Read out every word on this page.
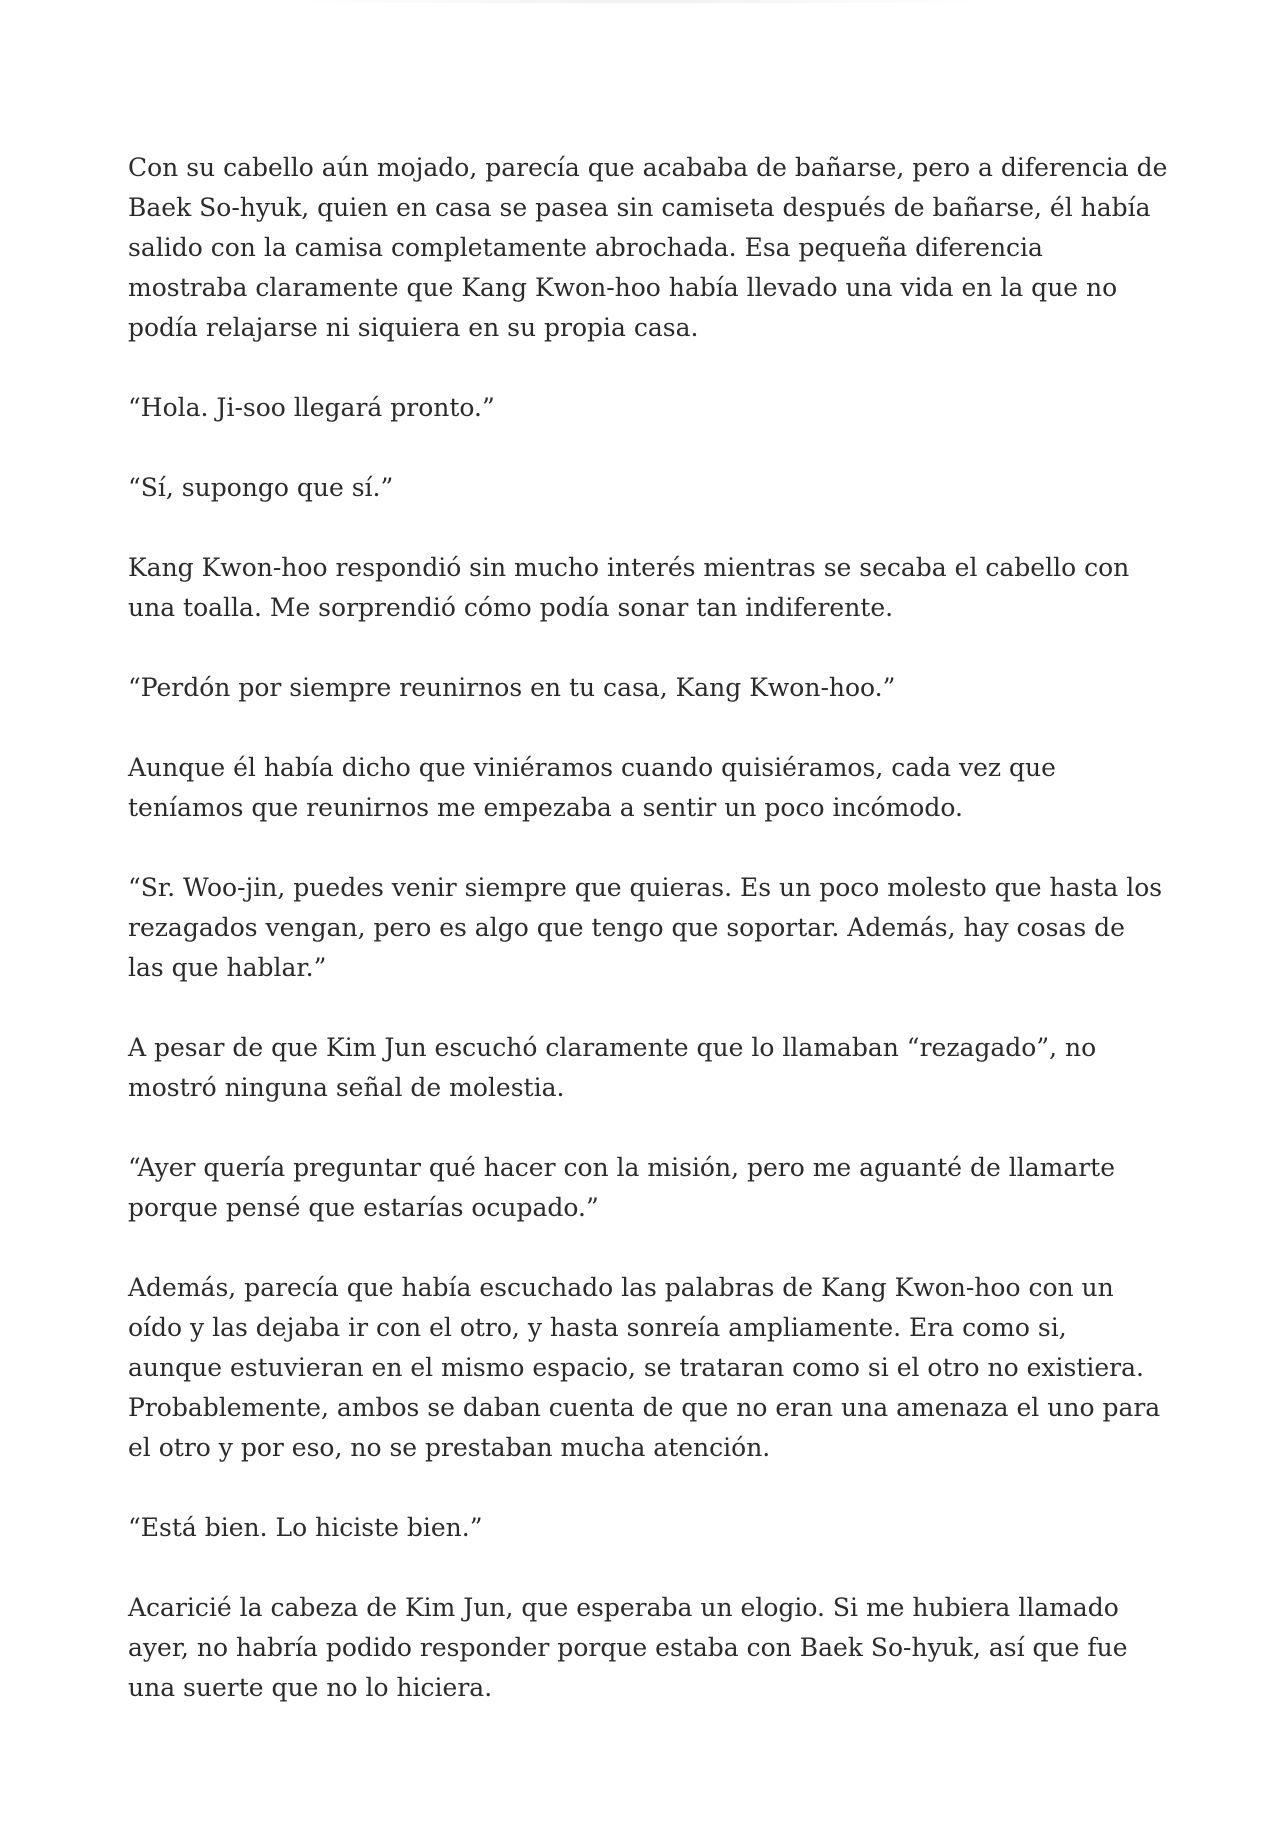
Con su cabello aún mojado, parecía que acababa de bañarse, pero a diferencia de Baek So-hyuk, quien en casa se pasea sin camiseta después de bañarse, él había salido con la camisa completamente abrochada. Esa pequeña diferencia mostraba claramente que Kang Kwon-hoo había llevado una vida en la que no podía relajarse ni siquiera en su propia casa.

“Hola. Ji-soo llegará pronto.”

“Sí, supongo que sí.”

Kang Kwon-hoo respondió sin mucho interés mientras se secaba el cabello con una toalla. Me sorprendió cómo podía sonar tan indiferente.

“Perdón por siempre reunirnos en tu casa, Kang Kwon-hoo.”

Aunque él había dicho que viniéramos cuando quisiéramos, cada vez que teníamos que reunirnos me empezaba a sentir un poco incómodo.

“Sr. Woo-jin, puedes venir siempre que quieras. Es un poco molesto que hasta los rezagados vengan, pero es algo que tengo que soportar. Además, hay cosas de las que hablar.”

A pesar de que Kim Jun escuchó claramente que lo llamaban “rezagado”, no mostró ninguna señal de molestia.

“Ayer quería preguntar qué hacer con la misión, pero me aguanté de llamarte porque pensé que estarías ocupado.”

Además, parecía que había escuchado las palabras de Kang Kwon-hoo con un oído y las dejaba ir con el otro, y hasta sonreía ampliamente. Era como si, aunque estuvieran en el mismo espacio, se trataran como si el otro no existiera. Probablemente, ambos se daban cuenta de que no eran una amenaza el uno para el otro y por eso, no se prestaban mucha atención.

“Está bien. Lo hiciste bien.”

Acaricié la cabeza de Kim Jun, que esperaba un elogio. Si me hubiera llamado ayer, no habría podido responder porque estaba con Baek So-hyuk, así que fue una suerte que no lo hiciera.
